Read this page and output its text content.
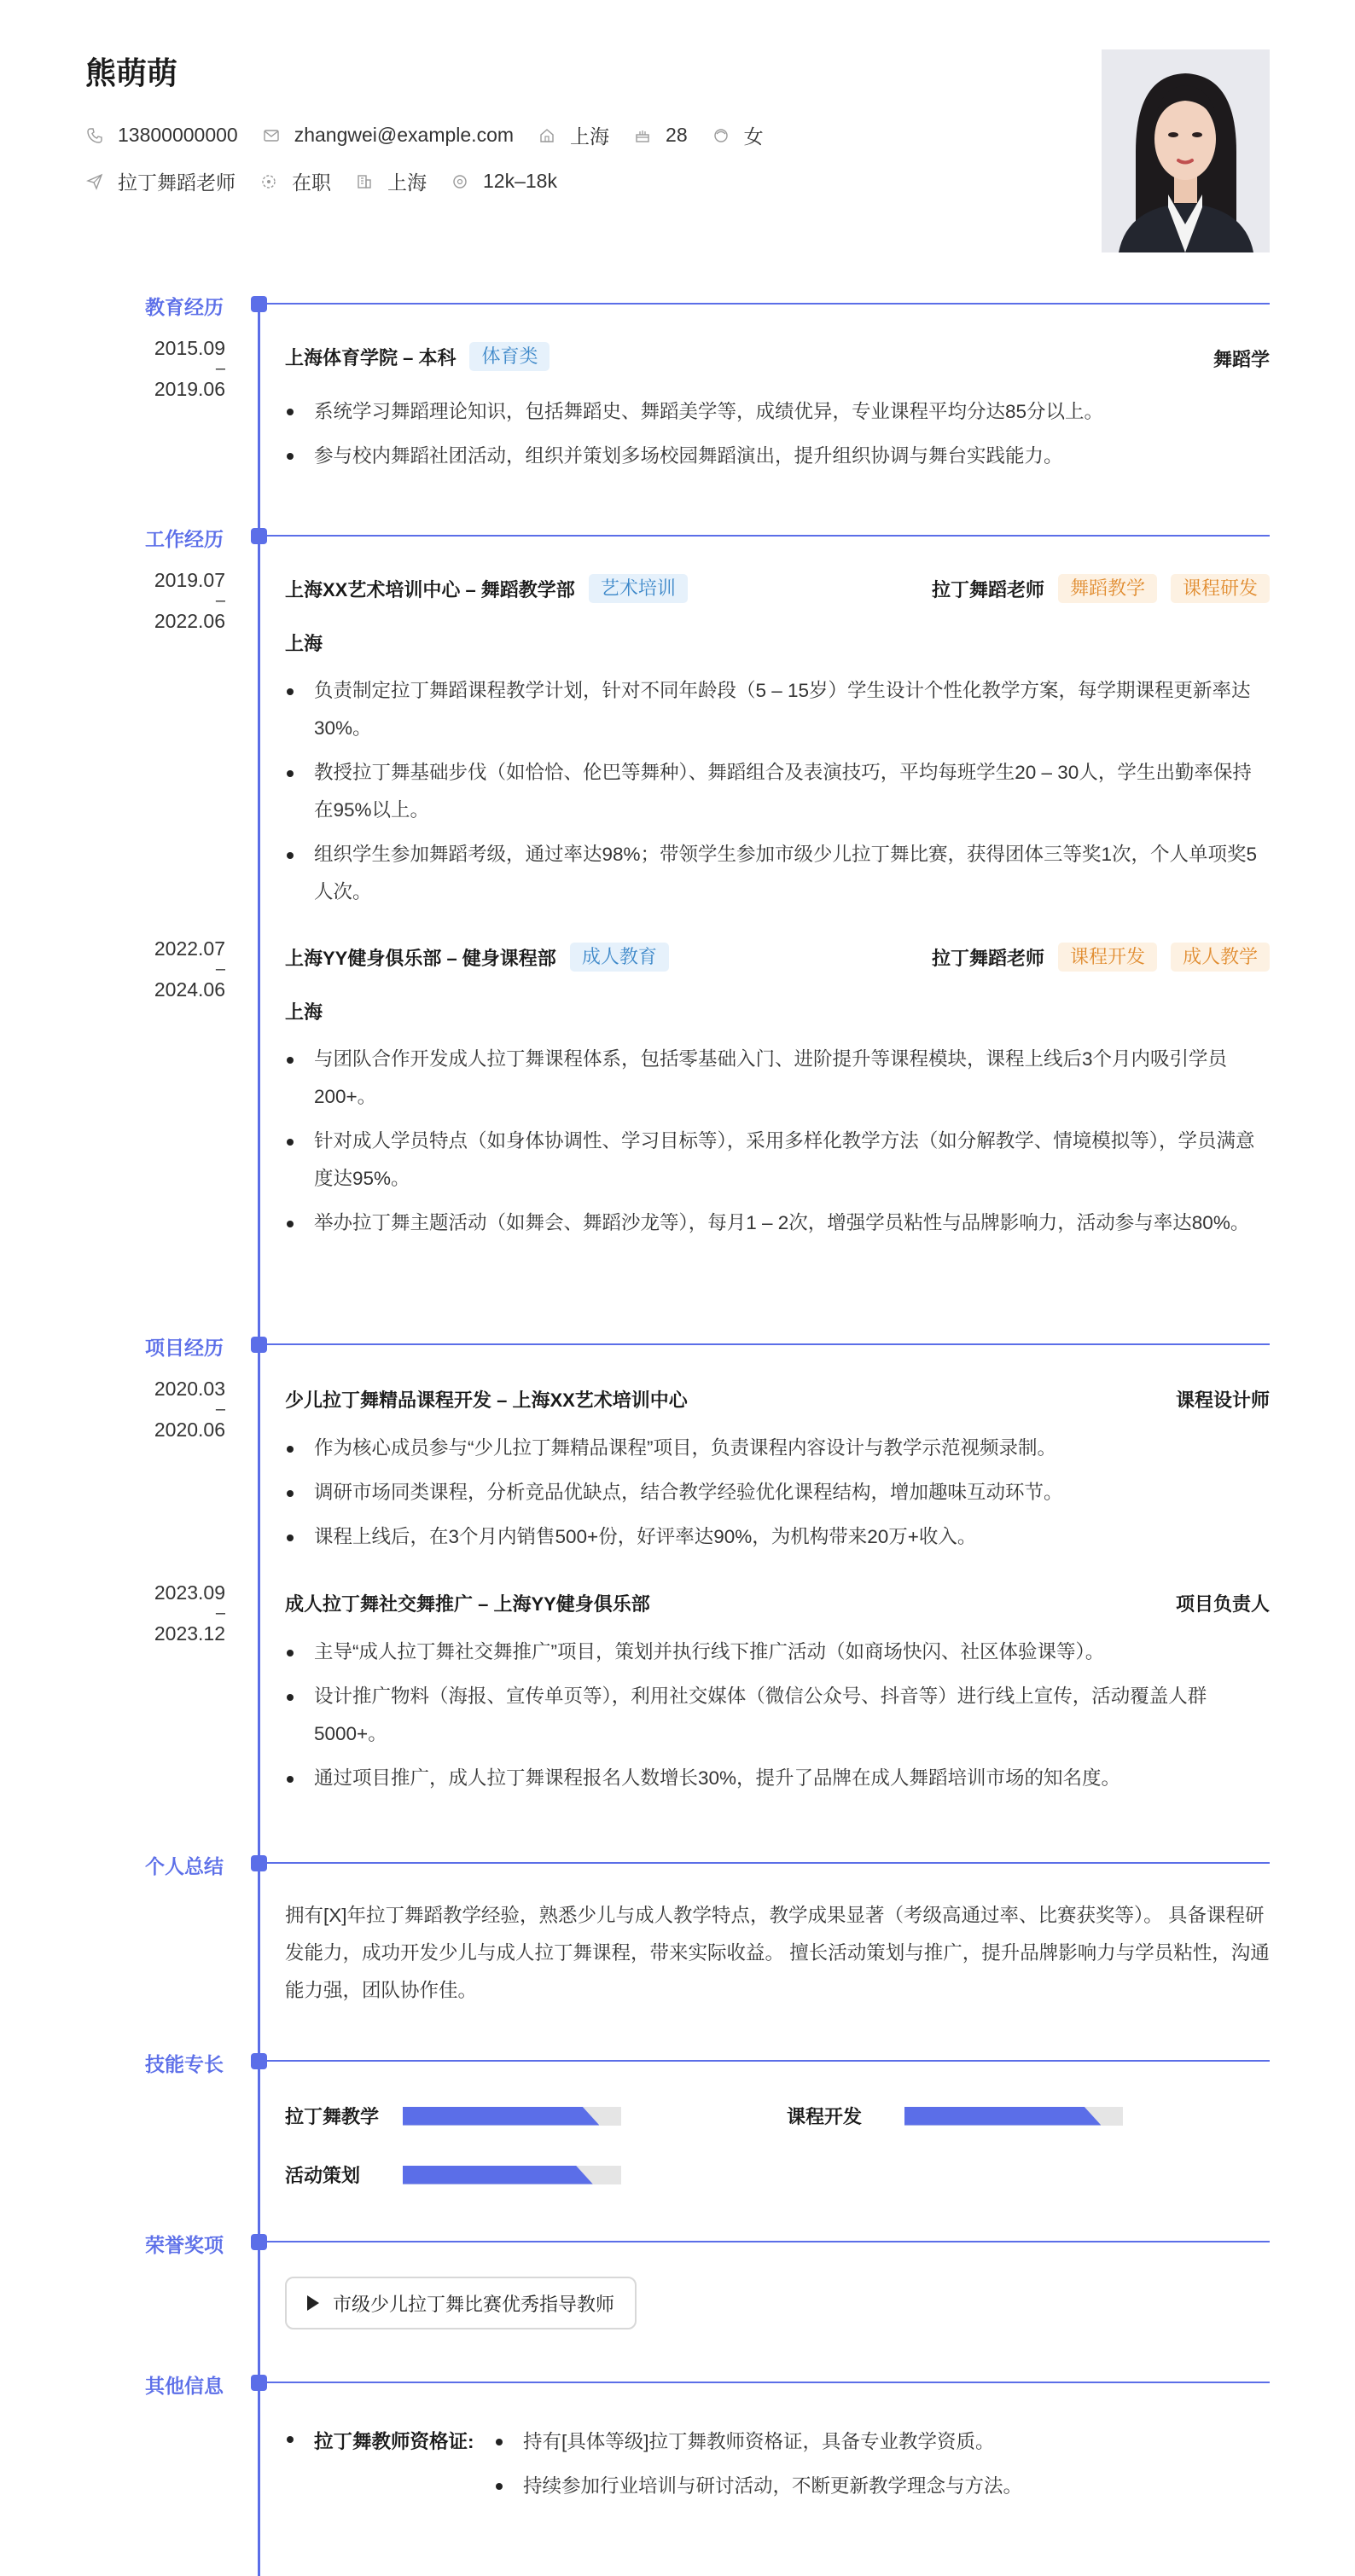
熊萌萌
13800000000	zhangwei@example.com	上海	28	女
拉丁舞蹈老师	在职	上海	12k–18k
教育经历
2015.09
–
2019.06
上海体育学院 – 本科	体育类	舞蹈学
系统学习舞蹈理论知识，包括舞蹈史、舞蹈美学等，成绩优异，专业课程平均分达85分以上。
参与校内舞蹈社团活动，组织并策划多场校园舞蹈演出，提升组织协调与舞台实践能力。
工作经历
2019.07
–
2022.06
上海XX艺术培训中心 – 舞蹈教学部	艺术培训	拉丁舞蹈老师	舞蹈教学	课程研发
上海
负责制定拉丁舞蹈课程教学计划，针对不同年龄段（5 – 15岁）学生设计个性化教学方案，每学期课程更新率达30%。
教授拉丁舞基础步伐（如恰恰、伦巴等舞种）、舞蹈组合及表演技巧，平均每班学生20 – 30人，学生出勤率保持在95%以上。
组织学生参加舞蹈考级，通过率达98%；带领学生参加市级少儿拉丁舞比赛，获得团体三等奖1次，个人单项奖5人次。
2022.07
–
2024.06
上海YY健身俱乐部 – 健身课程部	成人教育	拉丁舞蹈老师	课程开发	成人教学
上海
与团队合作开发成人拉丁舞课程体系，包括零基础入门、进阶提升等课程模块，课程上线后3个月内吸引学员200+。
针对成人学员特点（如身体协调性、学习目标等），采用多样化教学方法（如分解教学、情境模拟等），学员满意度达95%。
举办拉丁舞主题活动（如舞会、舞蹈沙龙等），每月1 – 2次，增强学员粘性与品牌影响力，活动参与率达80%。
项目经历
2020.03
–
2020.06
少儿拉丁舞精品课程开发 – 上海XX艺术培训中心	课程设计师
作为核心成员参与“少儿拉丁舞精品课程”项目，负责课程内容设计与教学示范视频录制。
调研市场同类课程，分析竞品优缺点，结合教学经验优化课程结构，增加趣味互动环节。
课程上线后，在3个月内销售500+份，好评率达90%，为机构带来20万+收入。
2023.09
–
2023.12
成人拉丁舞社交舞推广 – 上海YY健身俱乐部	项目负责人
主导“成人拉丁舞社交舞推广”项目，策划并执行线下推广活动（如商场快闪、社区体验课等）。
设计推广物料（海报、宣传单页等），利用社交媒体（微信公众号、抖音等）进行线上宣传，活动覆盖人群5000+。
通过项目推广，成人拉丁舞课程报名人数增长30%，提升了品牌在成人舞蹈培训市场的知名度。
个人总结
拥有[X]年拉丁舞蹈教学经验，熟悉少儿与成人教学特点，教学成果显著（考级高通过率、比赛获奖等）。 具备课程研发能力，成功开发少儿与成人拉丁舞课程，带来实际收益。 擅长活动策划与推广，提升品牌影响力与学员粘性，沟通能力强，团队协作佳。
技能专长
拉丁舞教学	课程开发
活动策划
荣誉奖项
市级少儿拉丁舞比赛优秀指导教师
其他信息
拉丁舞教师资格证:	持有[具体等级]拉丁舞教师资格证，具备专业教学资质。
持续参加行业培训与研讨活动，不断更新教学理念与方法。
